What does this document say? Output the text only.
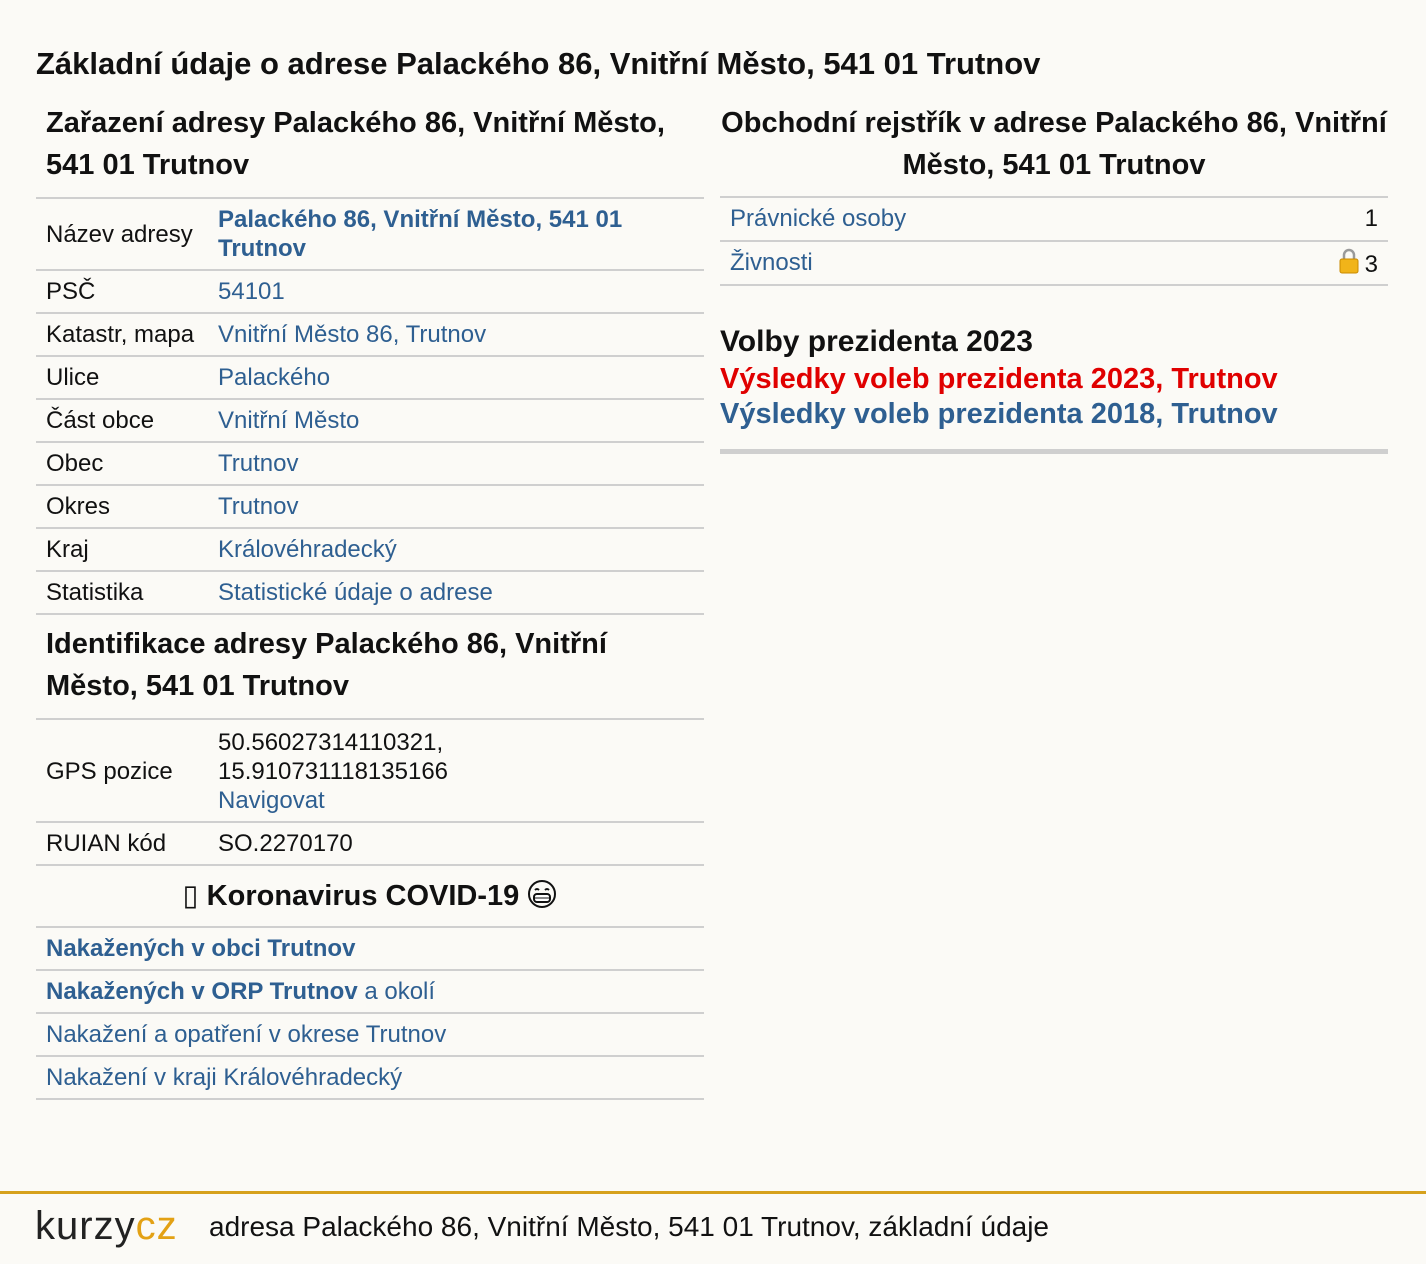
Základní údaje o adrese Palackého 86, Vnitřní Město, 541 01 Trutnov
Zařazení adresy Palackého 86, Vnitřní Město, 541 01 Trutnov
Název adresy	Palackého 86, Vnitřní Město, 541 01 Trutnov
PSČ	54101
Katastr, mapa	Vnitřní Město 86, Trutnov
Ulice	Palackého
Část obce	Vnitřní Město
Obec	Trutnov
Okres	Trutnov
Kraj	Královéhradecký
Statistika	Statistické údaje o adrese
Identifikace adresy Palackého 86, Vnitřní Město, 541 01 Trutnov
GPS pozice	50.56027314110321,
15.910731118135166
Navigovat
RUIAN kód	SO.2270170
▯ Koronavirus COVID-19
Nakažených v obci Trutnov
Nakažených v ORP Trutnov a okolí
Nakažení a opatření v okrese Trutnov
Nakažení v kraji Královéhradecký
Obchodní rejstřík v adrese Palackého 86, Vnitřní Město, 541 01 Trutnov
Právnické osoby	1
Živnosti	3
Volby prezidenta 2023
Výsledky voleb prezidenta 2023, Trutnov
Výsledky voleb prezidenta 2018, Trutnov
kurzycz adresa Palackého 86, Vnitřní Město, 541 01 Trutnov, základní údaje
